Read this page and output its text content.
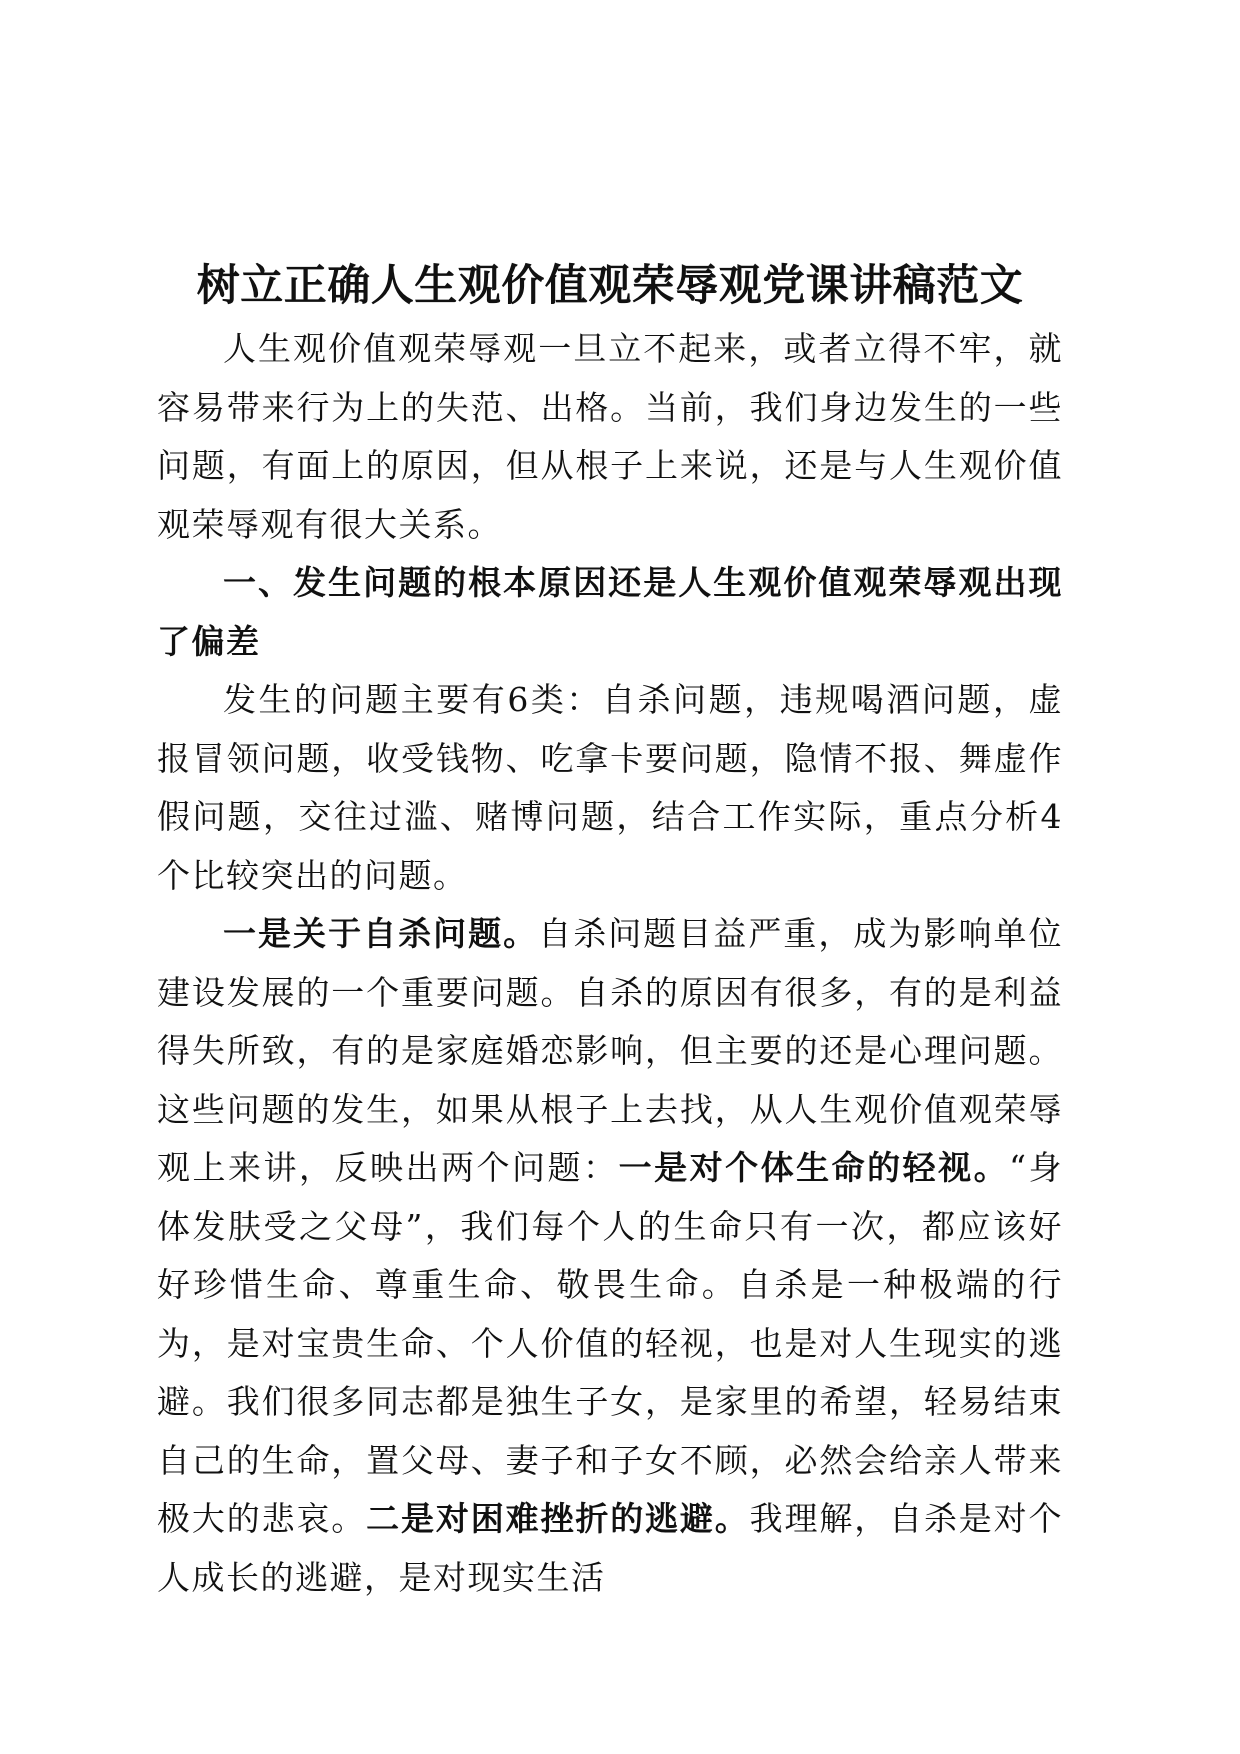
树立正确人生观价值观荣辱观党课讲稿范文

人生观价值观荣辱观一旦立不起来，或者立得不牢，就容易带来行为上的失范、出格。当前，我们身边发生的一些问题，有面上的原因，但从根子上来说，还是与人生观价值观荣辱观有很大关系。

一、发生问题的根本原因还是人生观价值观荣辱观出现了偏差

发生的问题主要有6类：自杀问题，违规喝酒问题，虚报冒领问题，收受钱物、吃拿卡要问题，隐情不报、舞虚作假问题，交往过滥、赌博问题，结合工作实际，重点分析4个比较突出的问题。

一是关于自杀问题。自杀问题目益严重，成为影响单位建设发展的一个重要问题。自杀的原因有很多，有的是利益得失所致，有的是家庭婚恋影响，但主要的还是心理问题。这些问题的发生，如果从根子上去找，从人生观价值观荣辱观上来讲，反映出两个问题：一是对个体生命的轻视。“身体发肤受之父母”，我们每个人的生命只有一次，都应该好好珍惜生命、尊重生命、敬畏生命。自杀是一种极端的行为，是对宝贵生命、个人价值的轻视，也是对人生现实的逃避。我们很多同志都是独生子女，是家里的希望，轻易结束自己的生命，置父母、妻子和子女不顾，必然会给亲人带来极大的悲哀。二是对困难挫折的逃避。我理解，自杀是对个人成长的逃避，是对现实生活
